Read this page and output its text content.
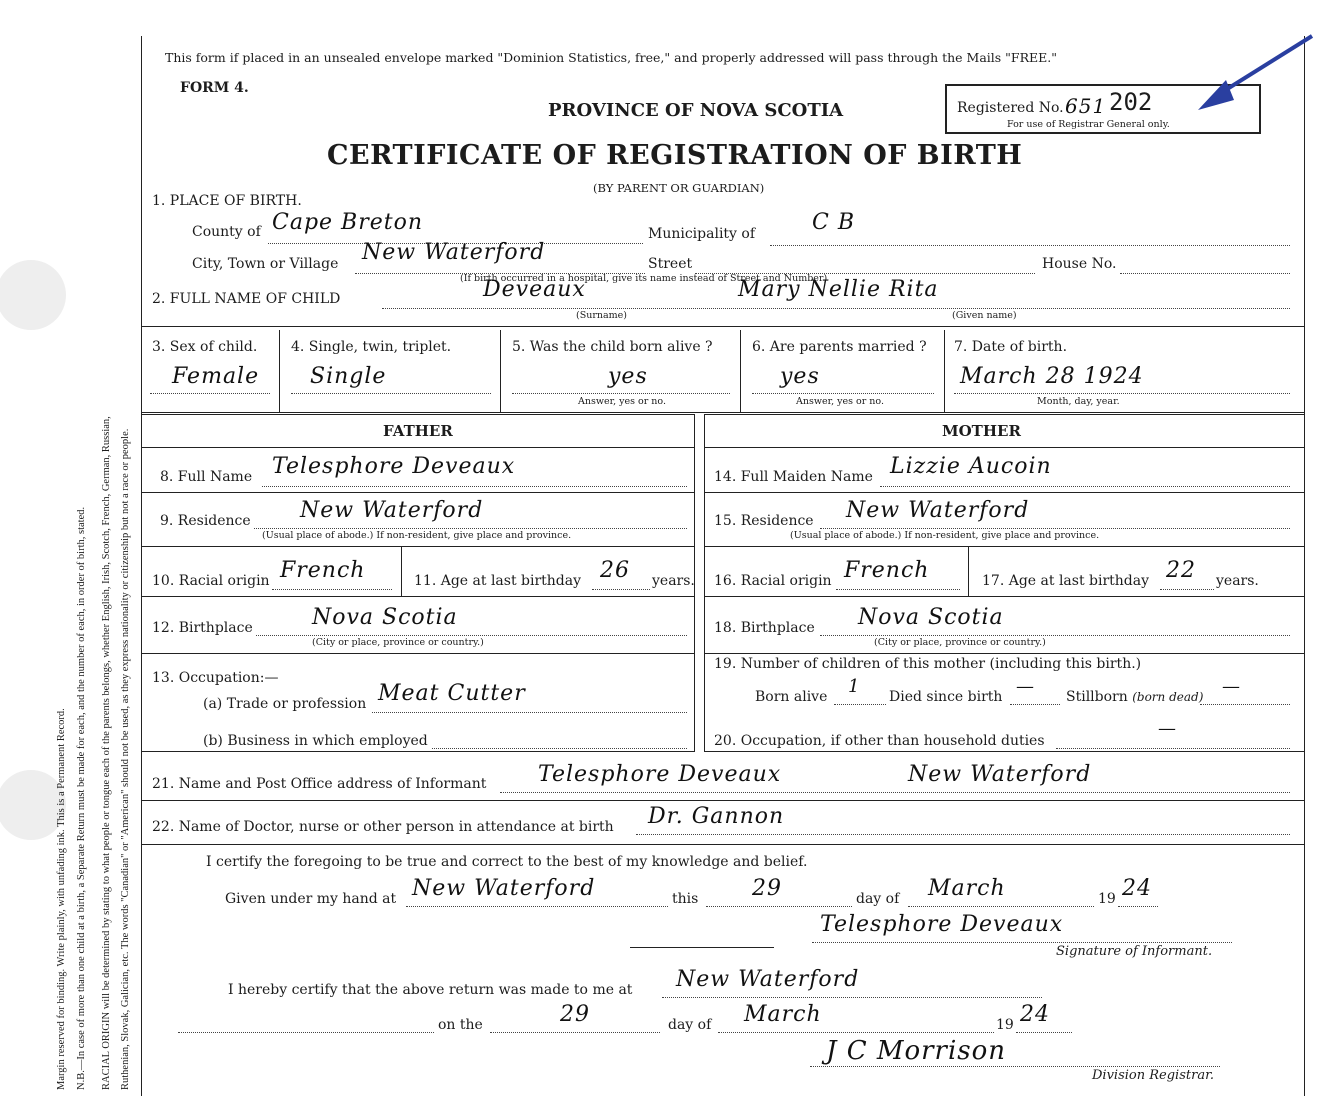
Margin reserved for binding. Write plainly, with unfading ink. This is a Permanent Record. N.B.—In case of more than one child at a birth, a Separate Return must be made for each, and the number of each, in order of birth, stated. RACIAL ORIGIN will be determined by stating to what people or tongue each of the parents belongs, whether English, Irish, Scotch, French, German, Russian, Ruthenian, Slovak, Galician, etc. The words "Canadian" or "American" should not be used, as they express nationality or citizenship but not a race or people.
This form if placed in an unsealed envelope marked "Dominion Statistics, free," and properly addressed will pass through the Mails "FREE."
FORM 4.
PROVINCE OF NOVA SCOTIA
CERTIFICATE OF REGISTRATION OF BIRTH
(BY PARENT OR GUARDIAN)
Registered No. 651 202
For use of Registrar General only.
1. PLACE OF BIRTH.
County of Cape Breton	Municipality of	C B
City, Town or Village New Waterford	Street	House No.
(If birth occurred in a hospital, give its name instead of Street and Number)
2. FULL NAME OF CHILD	Deveaux	Mary Nellie Rita
(Surname)	(Given name)
3. Sex of child.
Female
4. Single, twin, triplet.
Single
5. Was the child born alive ?
yes
Answer, yes or no.
6. Are parents married ?
yes
Answer, yes or no.
7. Date of birth.
March 28 1924
Month, day, year.
FATHER	MOTHER
8. Full Name Telesphore Deveaux
9. Residence New Waterford
(Usual place of abode.) If non-resident, give place and province.
10. Racial origin French	11. Age at last birthday 26 years.
12. Birthplace	Nova Scotia
(City or place, province or country.)
13. Occupation:—
(a) Trade or profession Meat Cutter
(b) Business in which employed
14. Full Maiden Name Lizzie Aucoin
15. Residence New Waterford
(Usual place of abode.) If non-resident, give place and province.
16. Racial origin French	17. Age at last birthday 22 years.
18. Birthplace Nova Scotia
(City or place, province or country.)
19. Number of children of this mother (including this birth.)
Born alive 1 Died since birth — Stillborn (born dead) —
20. Occupation, if other than household duties
—
21. Name and Post Office address of Informant Telesphore Deveaux	New Waterford
22. Name of Doctor, nurse or other person in attendance at birth Dr. Gannon
I certify the foregoing to be true and correct to the best of my knowledge and belief.
Given under my hand at New Waterford	this 29	day of March	19 24
Telesphore Deveaux
Signature of Informant.
I hereby certify that the above return was made to me at New Waterford
on the	29	day of March	19 24
J C Morrison
Division Registrar.
